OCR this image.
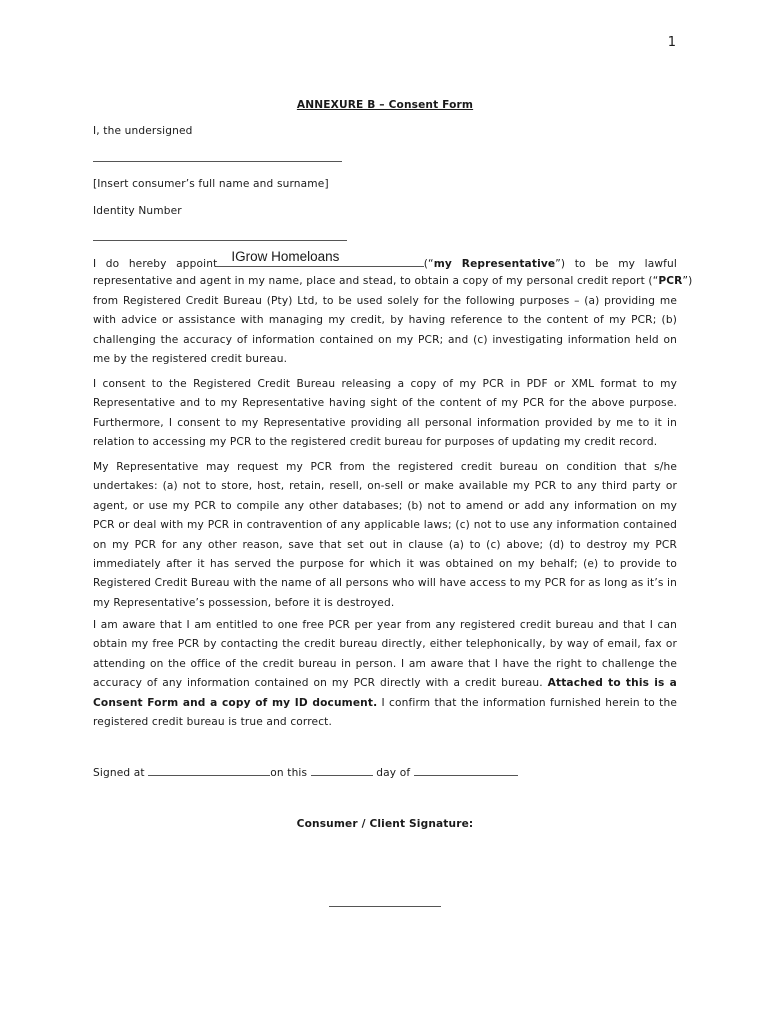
1
ANNEXURE B – Consent Form
I, the undersigned
[Insert consumer’s full name and surname]
Identity Number
I do hereby appoint IGrow Homeloans	(“my Representative”) to be my lawful
representative and agent in my name, place and stead, to obtain a copy of my personal credit report (“PCR”)
from Registered Credit Bureau (Pty) Ltd, to be used solely for the following purposes – (a) providing me with advice or assistance with managing my credit, by having reference to the content of my PCR; (b) challenging the accuracy of information contained on my PCR; and (c) investigating information held on me by the registered credit bureau.
I consent to the Registered Credit Bureau releasing a copy of my PCR in PDF or XML format to my Representative and to my Representative having sight of the content of my PCR for the above purpose. Furthermore, I consent to my Representative providing all personal information provided by me to it in relation to accessing my PCR to the registered credit bureau for purposes of updating my credit record.
My Representative may request my PCR from the registered credit bureau on condition that s/he undertakes: (a) not to store, host, retain, resell, on-sell or make available my PCR to any third party or agent, or use my PCR to compile any other databases; (b) not to amend or add any information on my PCR or deal with my PCR in contravention of any applicable laws; (c) not to use any information contained on my PCR for any other reason, save that set out in clause (a) to (c) above; (d) to destroy my PCR immediately after it has served the purpose for which it was obtained on my behalf; (e) to provide to Registered Credit Bureau with the name of all persons who will have access to my PCR for as long as it’s in my Representative’s possession, before it is destroyed.
I am aware that I am entitled to one free PCR per year from any registered credit bureau and that I can obtain my free PCR by contacting the credit bureau directly, either telephonically, by way of email, fax or attending on the office of the credit bureau in person. I am aware that I have the right to challenge the accuracy of any information contained on my PCR directly with a credit bureau. Attached to this is a Consent Form and a copy of my ID document. I confirm that the information furnished herein to the registered credit bureau is true and correct.
Signed at	on this	day of
Consumer / Client Signature:
